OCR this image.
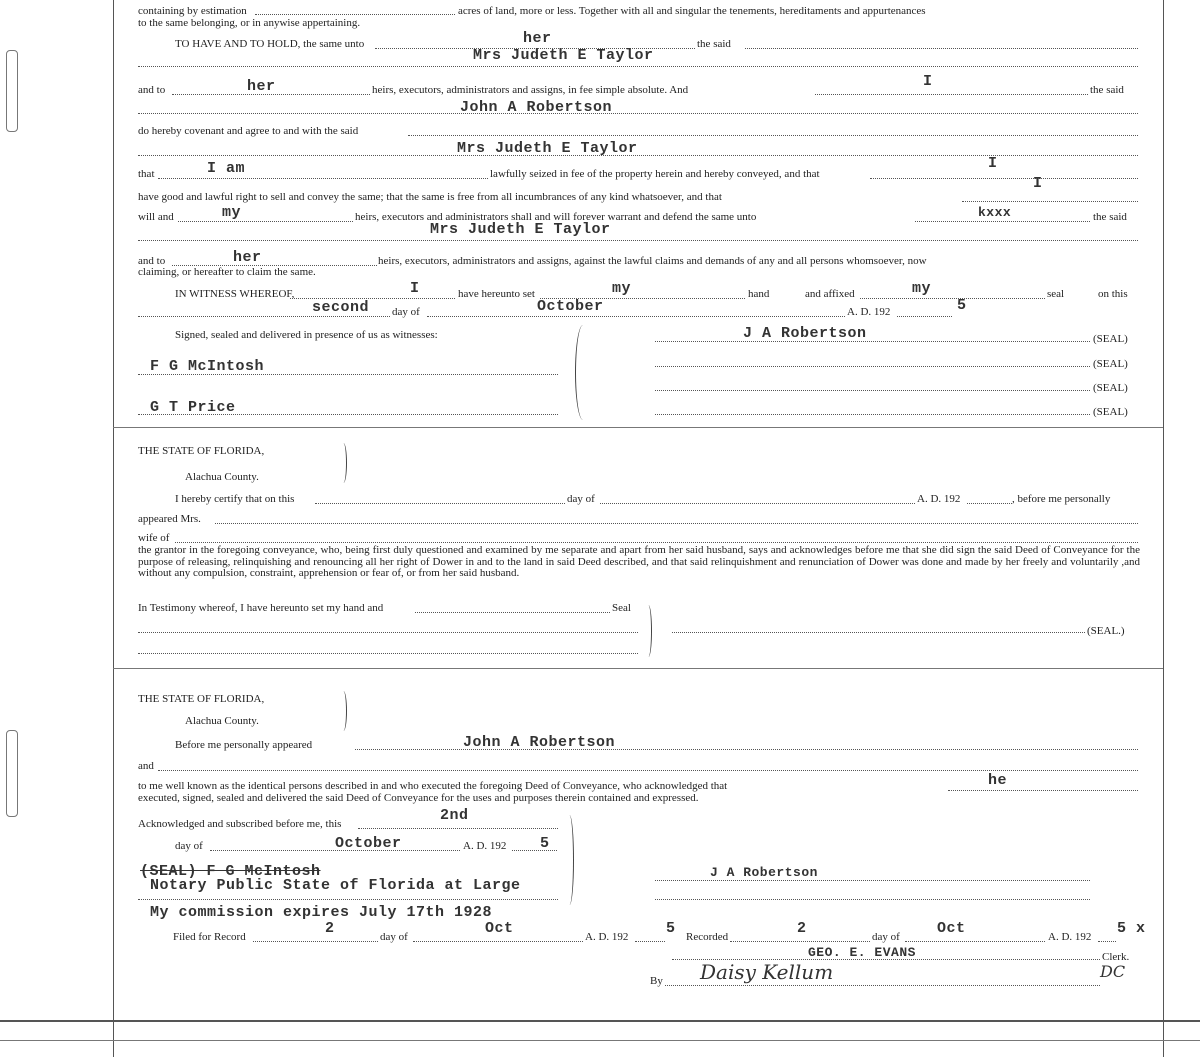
containing by estimation	acres of land, more or less. Together with all and singular the tenements, hereditaments and appurtenances
to the same belonging, or in anywise appertaining.
TO HAVE AND TO HOLD, the same unto	her	the said
Mrs Judeth E Taylor
and to	her	heirs, executors, administrators and assigns, in fee simple absolute. And	I	the said
John A Robertson
do hereby covenant and agree to and with the said
Mrs Judeth E Taylor
that	I am	lawfully seized in fee of the property herein and hereby conveyed, and that
I
have good and lawful right to sell and convey the same; that the same is free from all incumbrances of any kind whatsoever, and that
I
will and	my	heirs, executors and administrators shall and will forever warrant and defend the same unto	kxxx	the said
Mrs Judeth E Taylor
and to	her	heirs, executors, administrators and assigns, against the lawful claims and demands of any and all persons whomsoever, now
claiming, or hereafter to claim the same.
IN WITNESS WHEREOF,	I	have hereunto set	my	hand	and affixed	my	seal	on this
second day of	October	A. D. 192	5
Signed, sealed and delivered in presence of us as witnesses:	J A Robertson	(SEAL)
F G McIntosh	(SEAL)
(SEAL)
G T Price	(SEAL)
THE STATE OF FLORIDA,
Alachua County.
I hereby certify that on this	day of	A. D. 192	, before me personally
appeared Mrs.
wife of
the grantor in the foregoing conveyance, who, being first duly questioned and examined by me separate and apart from her said husband, says and acknowledges before me that she did sign the said Deed of Conveyance for the purpose of releasing, relinquishing and renouncing all her right of Dower in and to the land in said Deed described, and that said relinquishment and renunciation of Dower was done and made by her freely and voluntarily ,and without any compulsion, constraint, apprehension or fear of, or from her said husband.
In Testimony whereof, I have hereunto set my hand and	Seal
(SEAL.)
THE STATE OF FLORIDA,
Alachua County.
Before me personally appeared	John A Robertson
and
to me well known as the identical persons described in and who executed the foregoing Deed of Conveyance, who acknowledged that	he
executed, signed, sealed and delivered the said Deed of Conveyance for the uses and purposes therein contained and expressed.
Acknowledged and subscribed before me, this	2nd
day of	October	A. D. 192 5
(SEAL) F G McIntosh
Notary Public State of Florida at Large
J A Robertson
My commission expires July 17th 1928
Filed for Record	2	day of	Oct	A. D. 192	5 Recorded	2	day of Oct	A. D. 192 5 x
GEO. E. EVANS	Clerk.
By Daisy Kellum	DC
